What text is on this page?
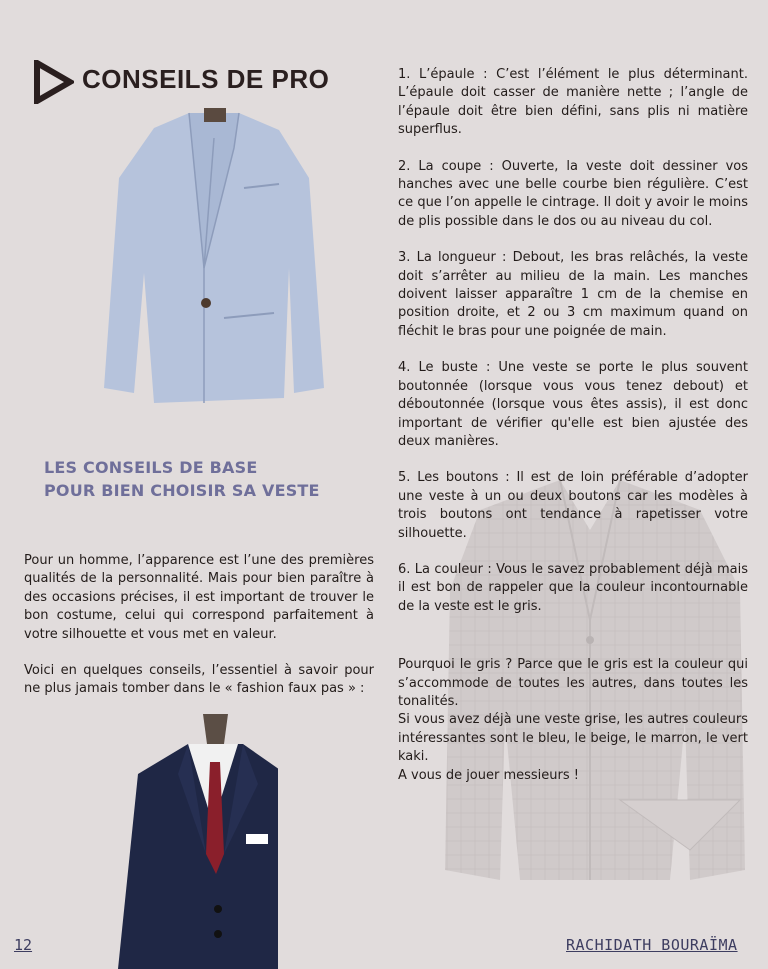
CONSEILS DE PRO
LES CONSEILS DE BASE
POUR BIEN CHOISIR SA VESTE

Pour un homme, l’apparence est l’une des premières qualités de la personnalité. Mais pour bien paraître à des occasions précises, il est important de trouver le bon costume, celui qui correspond parfaitement à votre silhouette et vous met en valeur.

Voici en quelques conseils, l’essentiel à savoir pour ne plus jamais tomber dans le « fashion faux pas » :

1. L’épaule : C’est l’élément le plus déterminant. L’épaule doit casser de manière nette ; l’angle de l’épaule doit être bien défini, sans plis ni matière superflus.

2. La coupe : Ouverte, la veste doit dessiner vos hanches avec une belle courbe bien régulière. C’est ce que l’on appelle le cintrage. Il doit y avoir le moins de plis possible dans le dos ou au niveau du col.

3. La longueur : Debout, les bras relâchés, la veste doit s’arrêter au milieu de la main. Les manches doivent laisser apparaître 1 cm de la chemise en position droite, et 2 ou 3 cm maximum quand on fléchit le bras pour une poignée de main.

4. Le buste : Une veste se porte le plus souvent boutonnée (lorsque vous vous tenez debout) et déboutonnée (lorsque vous êtes assis), il est donc important de vérifier qu'elle est bien ajustée des deux manières.

5. Les boutons : Il est de loin préférable d’adopter une veste à un ou deux boutons car les modèles à trois boutons ont tendance à rapetisser votre silhouette.

6. La couleur : Vous le savez probablement déjà mais il est bon de rappeler que la couleur incontournable de la veste est le gris.

Pourquoi le gris ? Parce que le gris est la couleur qui s’accommode de toutes les autres, dans toutes les tonalités.

Si vous avez déjà une veste grise, les autres couleurs intéressantes sont le bleu, le beige, le marron, le vert kaki.

A vous de jouer messieurs !

12	RACHIDATH BOURAÏMA
